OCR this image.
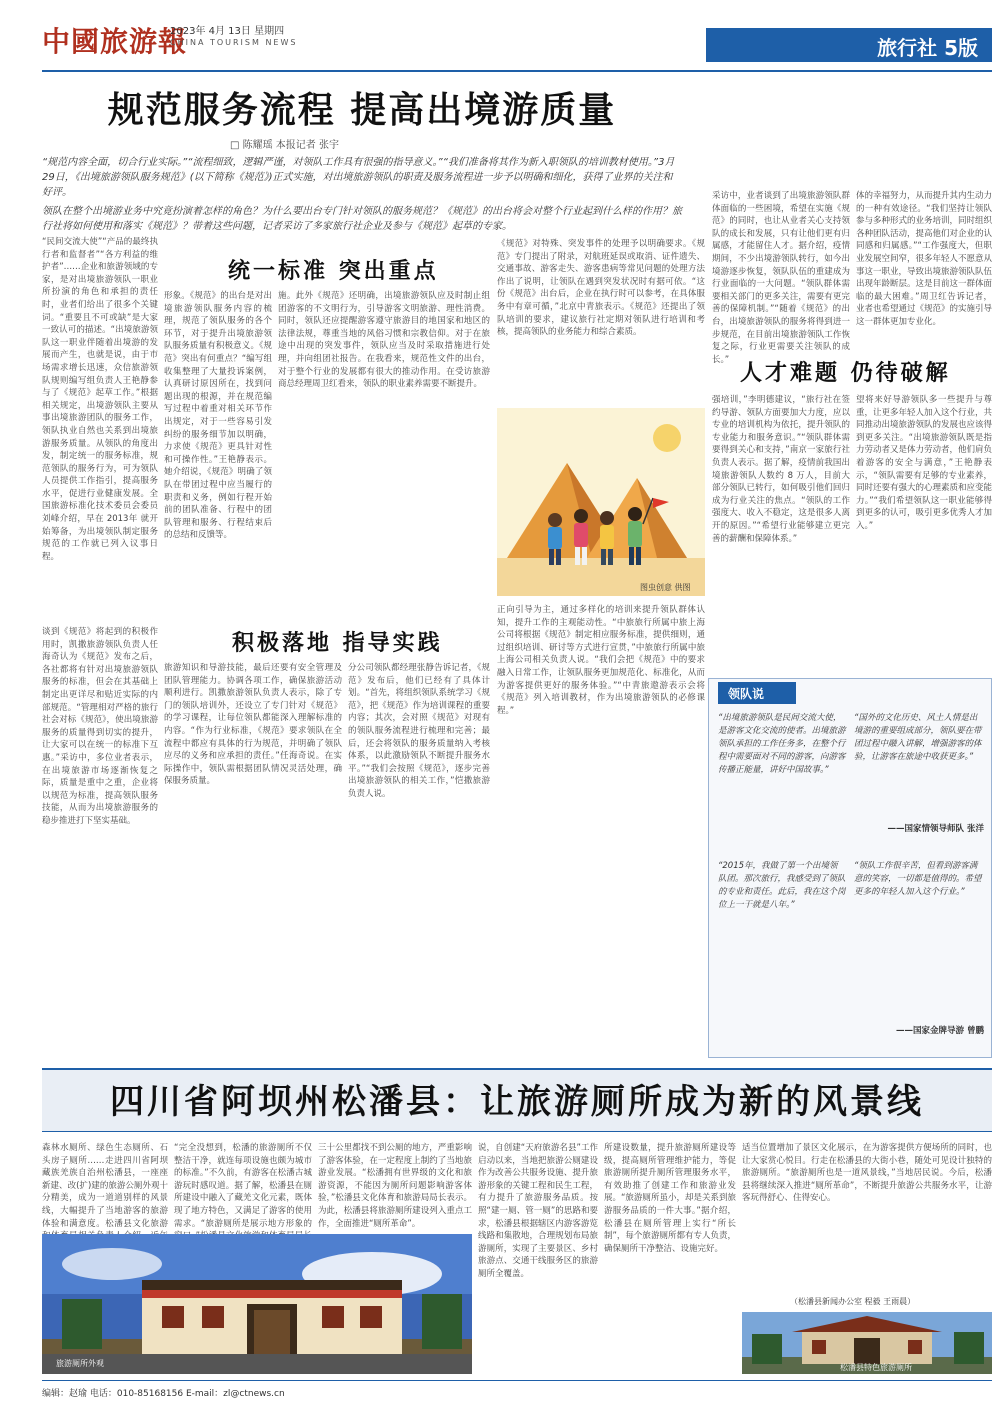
中國旅游報
2023年 4月 13日 星期四
CHINA TOURISM NEWS	旅行社 5版
规范服务流程 提高出境游质量
□ 陈耀瑶 本报记者 张宇

“规范内容全面，切合行业实际。”“流程细致，逻辑严谨，对领队工作具有很强的指导意义。”“我们准备将其作为新入职领队的培训教材使用。”3月29日，《出境旅游领队服务规范》(以下简称《规范》)正式实施，对出境旅游领队的职责及服务流程进一步予以明确和细化，获得了业界的关注和好评。

领队在整个出境游业务中究竟扮演着怎样的角色？为什么要出台专门针对领队的服务规范？《规范》的出台将会对整个行业起到什么样的作用？旅行社将如何使用和落实《规范》？带着这些问题，记者采访了多家旅行社企业及参与《规范》起草的专家。

“民间交流大使”“产品的最终执行者和监督者”“各方利益的维护者”……企业和旅游领域的专家，是对出境旅游领队一职业所扮演的角色和承担的责任时，业者们给出了很多个关键词。“重要且不可或缺”是大家一致认可的描述。“出境旅游领队这一职业伴随着出境游的发展而产生，也就是说，由于市场需求增长迅速，众信旅游领队规则编写组负责人王艳静参与了《规范》起草工作。”根据相关规定，出境游领队主要从事出境旅游团队的服务工作，领队执业自然也关系到出境旅游服务质量。从领队的角度出发，制定统一的服务标准，规范领队的服务行为，可为领队人员提供工作指引，提高服务水平，促进行业健康发展。全国旅游标准化技术委员会委员刘峰介绍，早在 2013年 就开始筹备，为出境领队制定服务规范的工作就已列入议事日程。
统一标准 突出重点
形象。《规范》的出台是对出境旅游领队服务内容的梳理，规范了领队服务的各个环节，对于提升出境旅游领队服务质量有积极意义。《规范》突出有何重点？“编写组收集整理了大量投诉案例，认真研讨原因所在，找到问题出现的根源，并在规范编写过程中着重对相关环节作出规定，对于一些容易引发纠纷的服务细节加以明确，力求使《规范》更具针对性和可操作性。”王艳静表示。她介绍说，《规范》明确了领队在带团过程中应当履行的职责和义务，例如行程开始前的团队准备、行程中的团队管理和服务、行程结束后的总结和反馈等。
施。此外《规范》还明确，出境旅游领队应及时制止组团游客的不文明行为，引导游客文明旅游、理性消费。同时，领队还应提醒游客遵守旅游目的地国家和地区的法律法规，尊重当地的风俗习惯和宗教信仰。对于在旅途中出现的突发事件，领队应当及时采取措施进行处理，并向组团社报告。在我看来，规范性文件的出台，对于整个行业的发展都有很大的推动作用。在受访旅游商总经理周卫红看来，领队的职业素养需要不断提升。
《规范》对特殊、突发事件的处理予以明确要求。《规范》专门提出了附录，对航班延误或取消、证件遗失、交通事故、游客走失、游客患病等常见问题的处理方法作出了说明，让领队在遇到突发状况时有据可依。“这份《规范》出台后，企业在执行时可以参考，在具体服务中有章可循，”北京中青旅表示。《规范》还提出了领队培训的要求，建议旅行社定期对领队进行培训和考核，提高领队的业务能力和综合素质。
图虫创意 供图
采访中，业者谈到了出境旅游领队群体面临的一些困境，希望在实施《规范》的同时，也让从业者关心支持领队的成长和发展，只有让他们更有归属感，才能留住人才。据介绍，疫情期间，不少出境游领队转行，如今出境游逐步恢复，领队队伍的重建成为行业面临的一大问题。“领队群体需要相关部门的更多关注，需要有更完善的保障机制。”“随着《规范》的出台，出境旅游领队的服务将得到进一步规范，在目前出境旅游领队工作恢复之际，行业更需要关注领队的成长。”
体的幸福努力，从而提升其内生动力的一种有效途径。“我们坚持让领队参与多种形式的业务培训，同时组织各种团队活动，提高他们对企业的认同感和归属感。”“工作强度大，但职业发展空间窄，很多年轻人不愿意从事这一职业，导致出境旅游领队队伍出现年龄断层。这是目前这一群体面临的最大困难。”周卫红告诉记者，业者也希望通过《规范》的实施引导这一群体更加专业化。
人才难题 仍待破解
强培训，”李明德建议，“旅行社在签约导游、领队方面要加大力度，应以专业的培训机构为依托，提升领队的专业能力和服务意识。”“领队群体需要得到关心和支持，”南京一家旅行社负责人表示。据了解，疫情前我国出境旅游领队人数约 8 万人，目前大部分领队已转行，如何吸引他们回归成为行业关注的焦点。“领队的工作强度大、收入不稳定，这是很多人离开的原因。”“希望行业能够建立更完善的薪酬和保障体系。”
望将来好导游领队多一些提升与尊重，让更多年轻人加入这个行业，共同推动出境旅游领队的发展也应该得到更多关注。“出境旅游领队既是指力劳动者又是体力劳动者，他们肩负着游客的安全与满意，”王艳静表示，“领队需要有足够的专业素养，同时还要有强大的心理素质和应变能力。”“我们希望领队这一职业能够得到更多的认可，吸引更多优秀人才加入。”
积极落地 指导实践
谈到《规范》将起到的积极作用时，凯撒旅游领队负责人任海奇认为《规范》发布之后，各社都将有针对出境旅游领队服务的标准，但会在其基础上制定出更详尽和贴近实际的内部规范。“管理相对严格的旅行社会对标《规范》，使出境旅游服务的质量得到切实的提升，让大家可以在统一的标准下互惠。”采访中，多位业者表示，在出境旅游市场逐渐恢复之际，质量是重中之重，企业将以规范为标准，提高领队服务技能，从而为出境旅游服务的稳步推进打下坚实基础。
旅游知识和导游技能，最后还要有安全管理及团队管理能力。协调各项工作，确保旅游活动顺利进行。凯撒旅游领队负责人表示，除了专门的领队培训外，还设立了专门针对《规范》的学习课程，让每位领队都能深入理解标准的内容。“作为行业标准，《规范》要求领队在全流程中都应有具体的行为规范，并明确了领队应尽的义务和应承担的责任。”任海奇说。在实际操作中，领队需根据团队情况灵活处理，确保服务质量。
分公司领队都经理张静告诉记者，《规范》发布后，他们已经有了具体计划。“首先，将组织领队系统学习《规范》，把《规范》作为培训课程的重要内容；其次，会对照《规范》对现有的领队服务流程进行梳理和完善；最后，还会将领队的服务质量纳入考核体系，以此激励领队不断提升服务水平。”“我们会按照《规范》，逐步完善出境旅游领队的相关工作，”恺撒旅游负责人说。
正向引导为主，通过多样化的培训来提升领队群体认知，提升工作的主观能动性。“中旅旅行所属中旅上海公司将根据《规范》制定相应服务标准，提供细则，通过组织培训、研讨等方式进行宣贯，”中旅旅行所属中旅上海公司相关负责人说。“我们会把《规范》中的要求融入日常工作，让领队服务更加规范化、标准化，从而为游客提供更好的服务体验。”“中青旅遨游表示会将《规范》列入培训教材，作为出境旅游领队的必修课程。”
领队说
“出境旅游领队是民间交流大使，是游客文化交流的使者。出境旅游领队承担的工作任务多，在整个行程中需要面对不同的游客，向游客传播正能量，讲好中国故事。”
“国外的文化历史、风土人情是出境游的重要组成部分，领队要在带团过程中融入讲解，增强游客的体验，让游客在旅途中收获更多。”
——国家情领导师队 张洋
“2015年，我做了第一个出境领队团。那次旅行，我感受到了领队的专业和责任。此后，我在这个岗位上一干就是八年。”
“领队工作很辛苦，但看到游客满意的笑容，一切都是值得的。希望更多的年轻人加入这个行业。”
——国家金牌导游 曾鹏
四川省阿坝州松潘县：让旅游厕所成为新的风景线
森林水厕所、绿色生态厕所、石头房子厕所……走进四川省阿坝藏族羌族自治州松潘县，一座座新建、改(扩)建的旅游公厕外观十分精美，成为一道道别样的风景线，大幅提升了当地游客的旅游体验和满意度。松潘县文化旅游
“完全没想到，松潘的旅游厕所不仅整洁干净，就连每项设施也颇为城市的标准。”不久前，有游客在松潘古城游玩时感叹道。据了解，松潘县在厕所建设中融入了藏羌文化元素，既体现了地方特色，又满足了游客的使用需求。“旅游厕所是展示地方形象的
三十公里都找不到公厕的地方，严重影响了游客体验，在一定程度上制约了当地旅游业发展。“松潘拥有世界级的文化和旅游资源，不能因为厕所问题影响游客体验，”松潘县文化体育和旅游局局长表示。为此，松潘县将旅游厕所建设列入重点工作，全面推进“厕所革命”。
说，自创建“天府旅游名县”工作启动以来，当地把旅游公厕建设作为改善公共服务设施、提升旅游形象的关键工程和民生工程，有力提升了旅游服务品质。按照“建一厕、管一厕”的思路和要求，松潘县根据辖区内游客游览线路和集散地，合理规划布局旅游厕所，实现了主要景区、乡村旅游点、交通干线服务区的旅游厕所全覆盖。
所建设数量，提升旅游厕所建设等级，提高厕所管理维护能力，等促旅游厕所提升厕所管理服务水平，有效助推了创建工作和旅游业发展。“旅游厕所虽小，却是关系到旅游服务品质的一件大事。”据介绍，松潘县在厕所管理上实行“所长制”，每个旅游厕所都有专人负责，确保厕所干净整洁、设施完好。
适当位置增加了景区文化展示，在为游客提供方便场所的同时，也让大家赏心悦目。行走在松潘县的大街小巷，随处可见设计独特的旅游厕所。“旅游厕所也是一道风景线，”当地居民说。今后，松潘县将继续深入推进“厕所革命”，不断提升旅游公共服务水平，让游客玩得舒心、住得安心。
（松潘县新闻办公室 程毅 王雨晨）
旅游厕所外观	松潘县特色旅游厕所
编辑：赵瑜 电话：010-85168156 E-mail：zl@ctnews.cn
